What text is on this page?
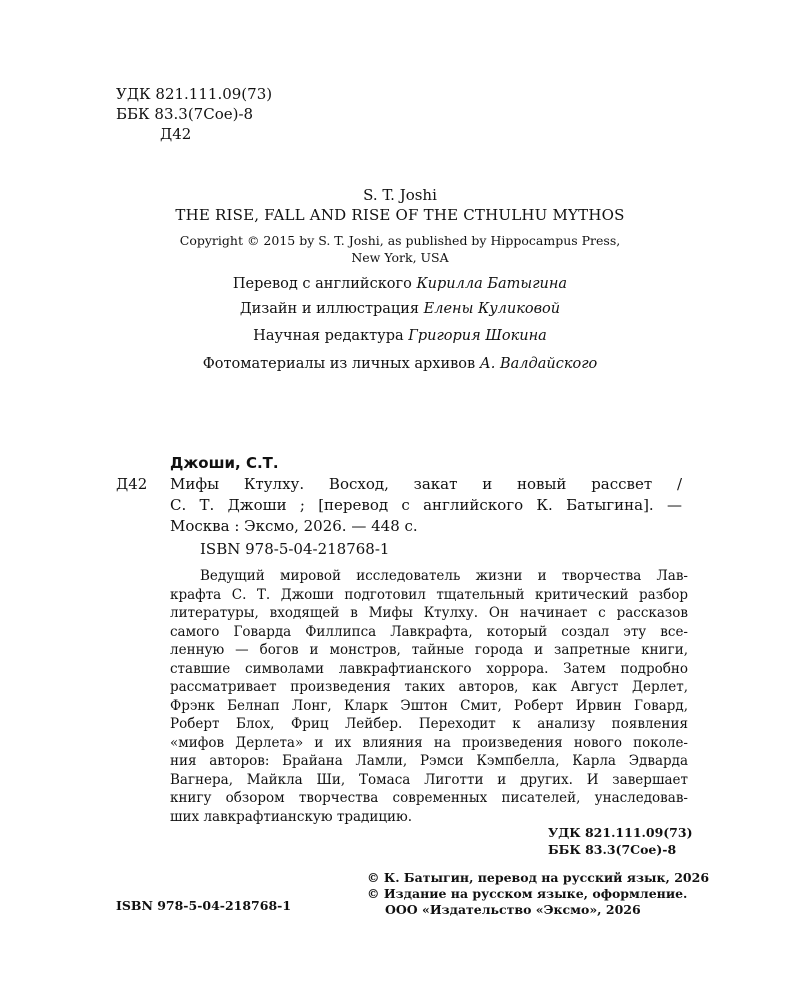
УДК 821.111.09(73)
ББК 83.3(7Сое)-8
Д42
S. T. Joshi
THE RISE, FALL AND RISE OF THE CTHULHU MYTHOS
Copyright © 2015 by S. T. Joshi, as published by Hippocampus Press,
New York, USA
Перевод с английского Кирилла Батыгина
Дизайн и иллюстрация Елены Куликовой
Научная редактура Григория Шокина
Фотоматериалы из личных архивов А. Валдайского
Джоши, С.Т.
Д42 Мифы Ктулху. Восход, закат и новый рассвет /
С. Т. Джоши ; [перевод с английского К. Батыгина]. —
Москва : Эксмо, 2026. — 448 с.
ISBN 978-5-04-218768-1
Ведущий мировой исследователь жизни и творчества Лав-
крафта С. Т. Джоши подготовил тщательный критический разбор
литературы, входящей в Мифы Ктулху. Он начинает с рассказов
самого Говарда Филлипса Лавкрафта, который создал эту все-
ленную — богов и монстров, тайные города и запретные книги,
ставшие символами лавкрафтианского хоррора. Затем подробно
рассматривает произведения таких авторов, как Август Дерлет,
Фрэнк Белнап Лонг, Кларк Эштон Смит, Роберт Ирвин Говард,
Роберт Блох, Фриц Лейбер. Переходит к анализу появления
«мифов Дерлета» и их влияния на произведения нового поколе-
ния авторов: Брайана Ламли, Рэмси Кэмпбелла, Карла Эдварда
Вагнера, Майкла Ши, Томаса Лиготти и других. И завершает
книгу обзором творчества современных писателей, унаследовав-
ших лавкрафтианскую традицию.
УДК 821.111.09(73)
ББК 83.3(7Сое)-8
ISBN 978-5-04-218768-1
© К. Батыгин, перевод на русский язык, 2026
© Издание на русском языке, оформление.
ООО «Издательство «Эксмо», 2026
